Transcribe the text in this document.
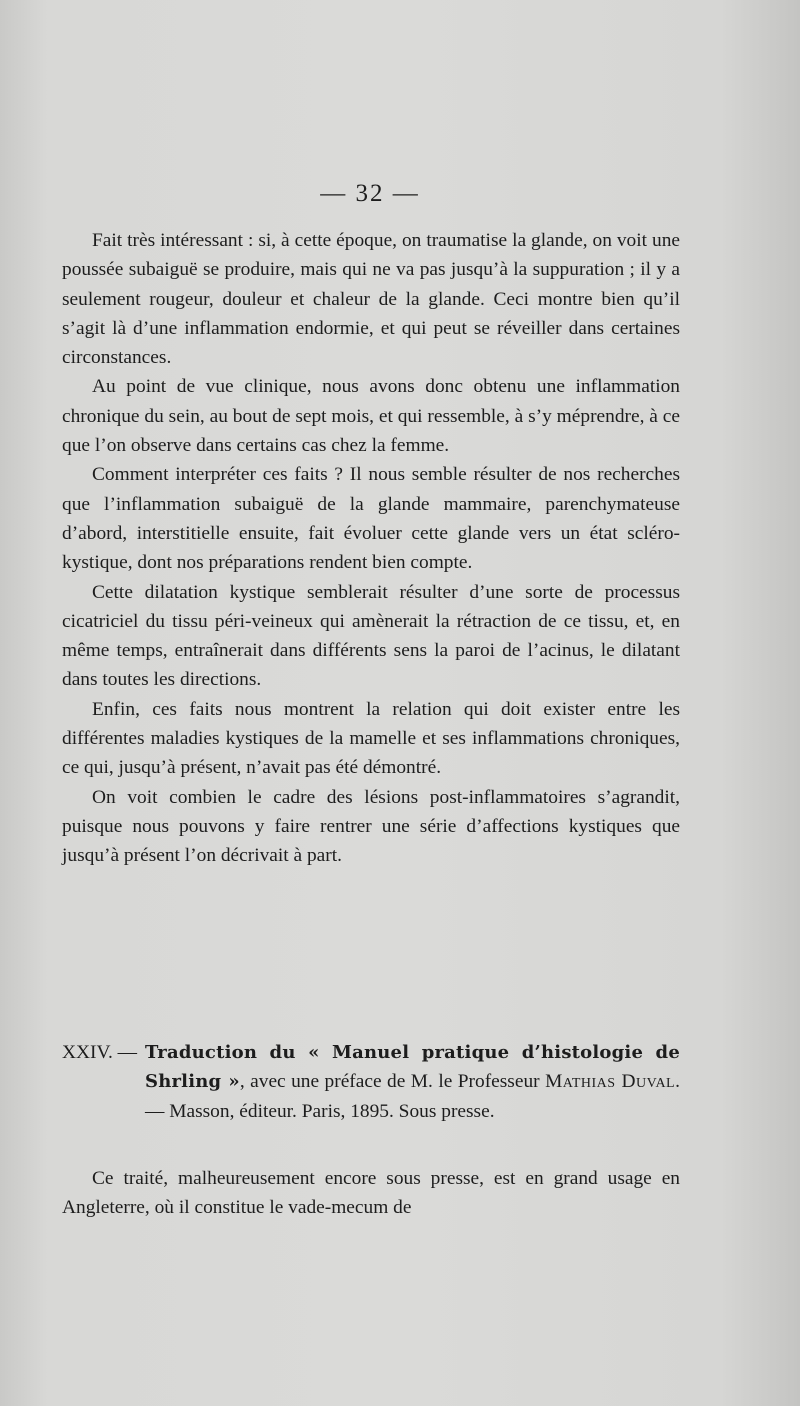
— 32 —

Fait très intéressant : si, à cette époque, on traumatise la glande, on voit une poussée subaiguë se produire, mais qui ne va pas jusqu’à la suppuration ; il y a seulement rougeur, douleur et chaleur de la glande. Ceci montre bien qu’il s’agit là d’une inflammation endormie, et qui peut se réveiller dans certaines circonstances.

Au point de vue clinique, nous avons donc obtenu une inflammation chronique du sein, au bout de sept mois, et qui ressemble, à s’y méprendre, à ce que l’on observe dans certains cas chez la femme.

Comment interpréter ces faits ? Il nous semble résulter de nos recherches que l’inflammation subaiguë de la glande mammaire, parenchymateuse d’abord, interstitielle ensuite, fait évoluer cette glande vers un état scléro-kystique, dont nos préparations rendent bien compte.

Cette dilatation kystique semblerait résulter d’une sorte de processus cicatriciel du tissu péri-veineux qui amènerait la rétraction de ce tissu, et, en même temps, entraînerait dans différents sens la paroi de l’acinus, le dilatant dans toutes les directions.

Enfin, ces faits nous montrent la relation qui doit exister entre les différentes maladies kystiques de la mamelle et ses inflammations chroniques, ce qui, jusqu’à présent, n’avait pas été démontré.

On voit combien le cadre des lésions post-inflammatoires s’agrandit, puisque nous pouvons y faire rentrer une série d’affections kystiques que jusqu’à présent l’on décrivait à part.

XXIV. — Traduction du « Manuel pratique d’histologie de Shrling », avec une préface de M. le Professeur Mathias Duval. — Masson, éditeur. Paris, 1895. Sous presse.

Ce traité, malheureusement encore sous presse, est en grand usage en Angleterre, où il constitue le vade-mecum de
